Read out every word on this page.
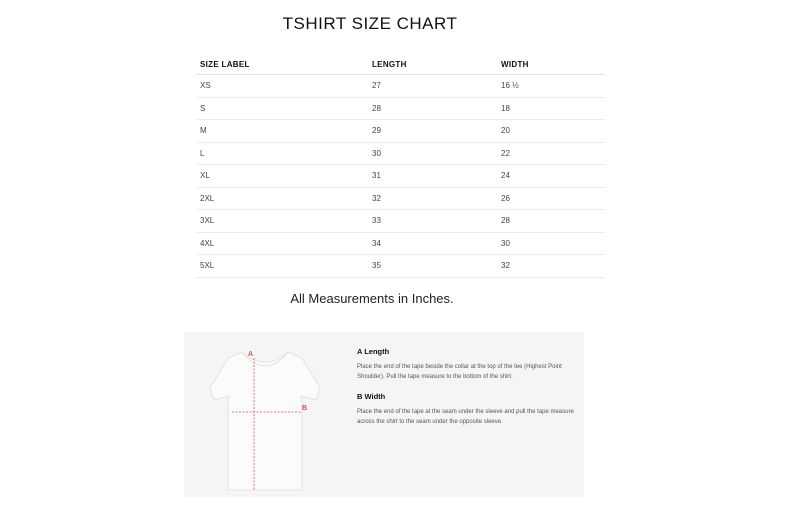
TSHIRT SIZE CHART
SIZE LABEL	LENGTH	WIDTH
XS	27	16 ½
S	28	18
M	29	20
L	30	22
XL	31	24
2XL	32	26
3XL	33	28
4XL	34	30
5XL	35	32
All Measurements in Inches.
A
B
A Length

Place the end of the tape beside the collar at the top of the tee (Highest Point Shoulder). Pull the tape measure to the bottom of the shirt.

B Width

Place the end of the tape at the seam under the sleeve and pull the tape measure across the shirt to the seam under the opposite sleeve.
